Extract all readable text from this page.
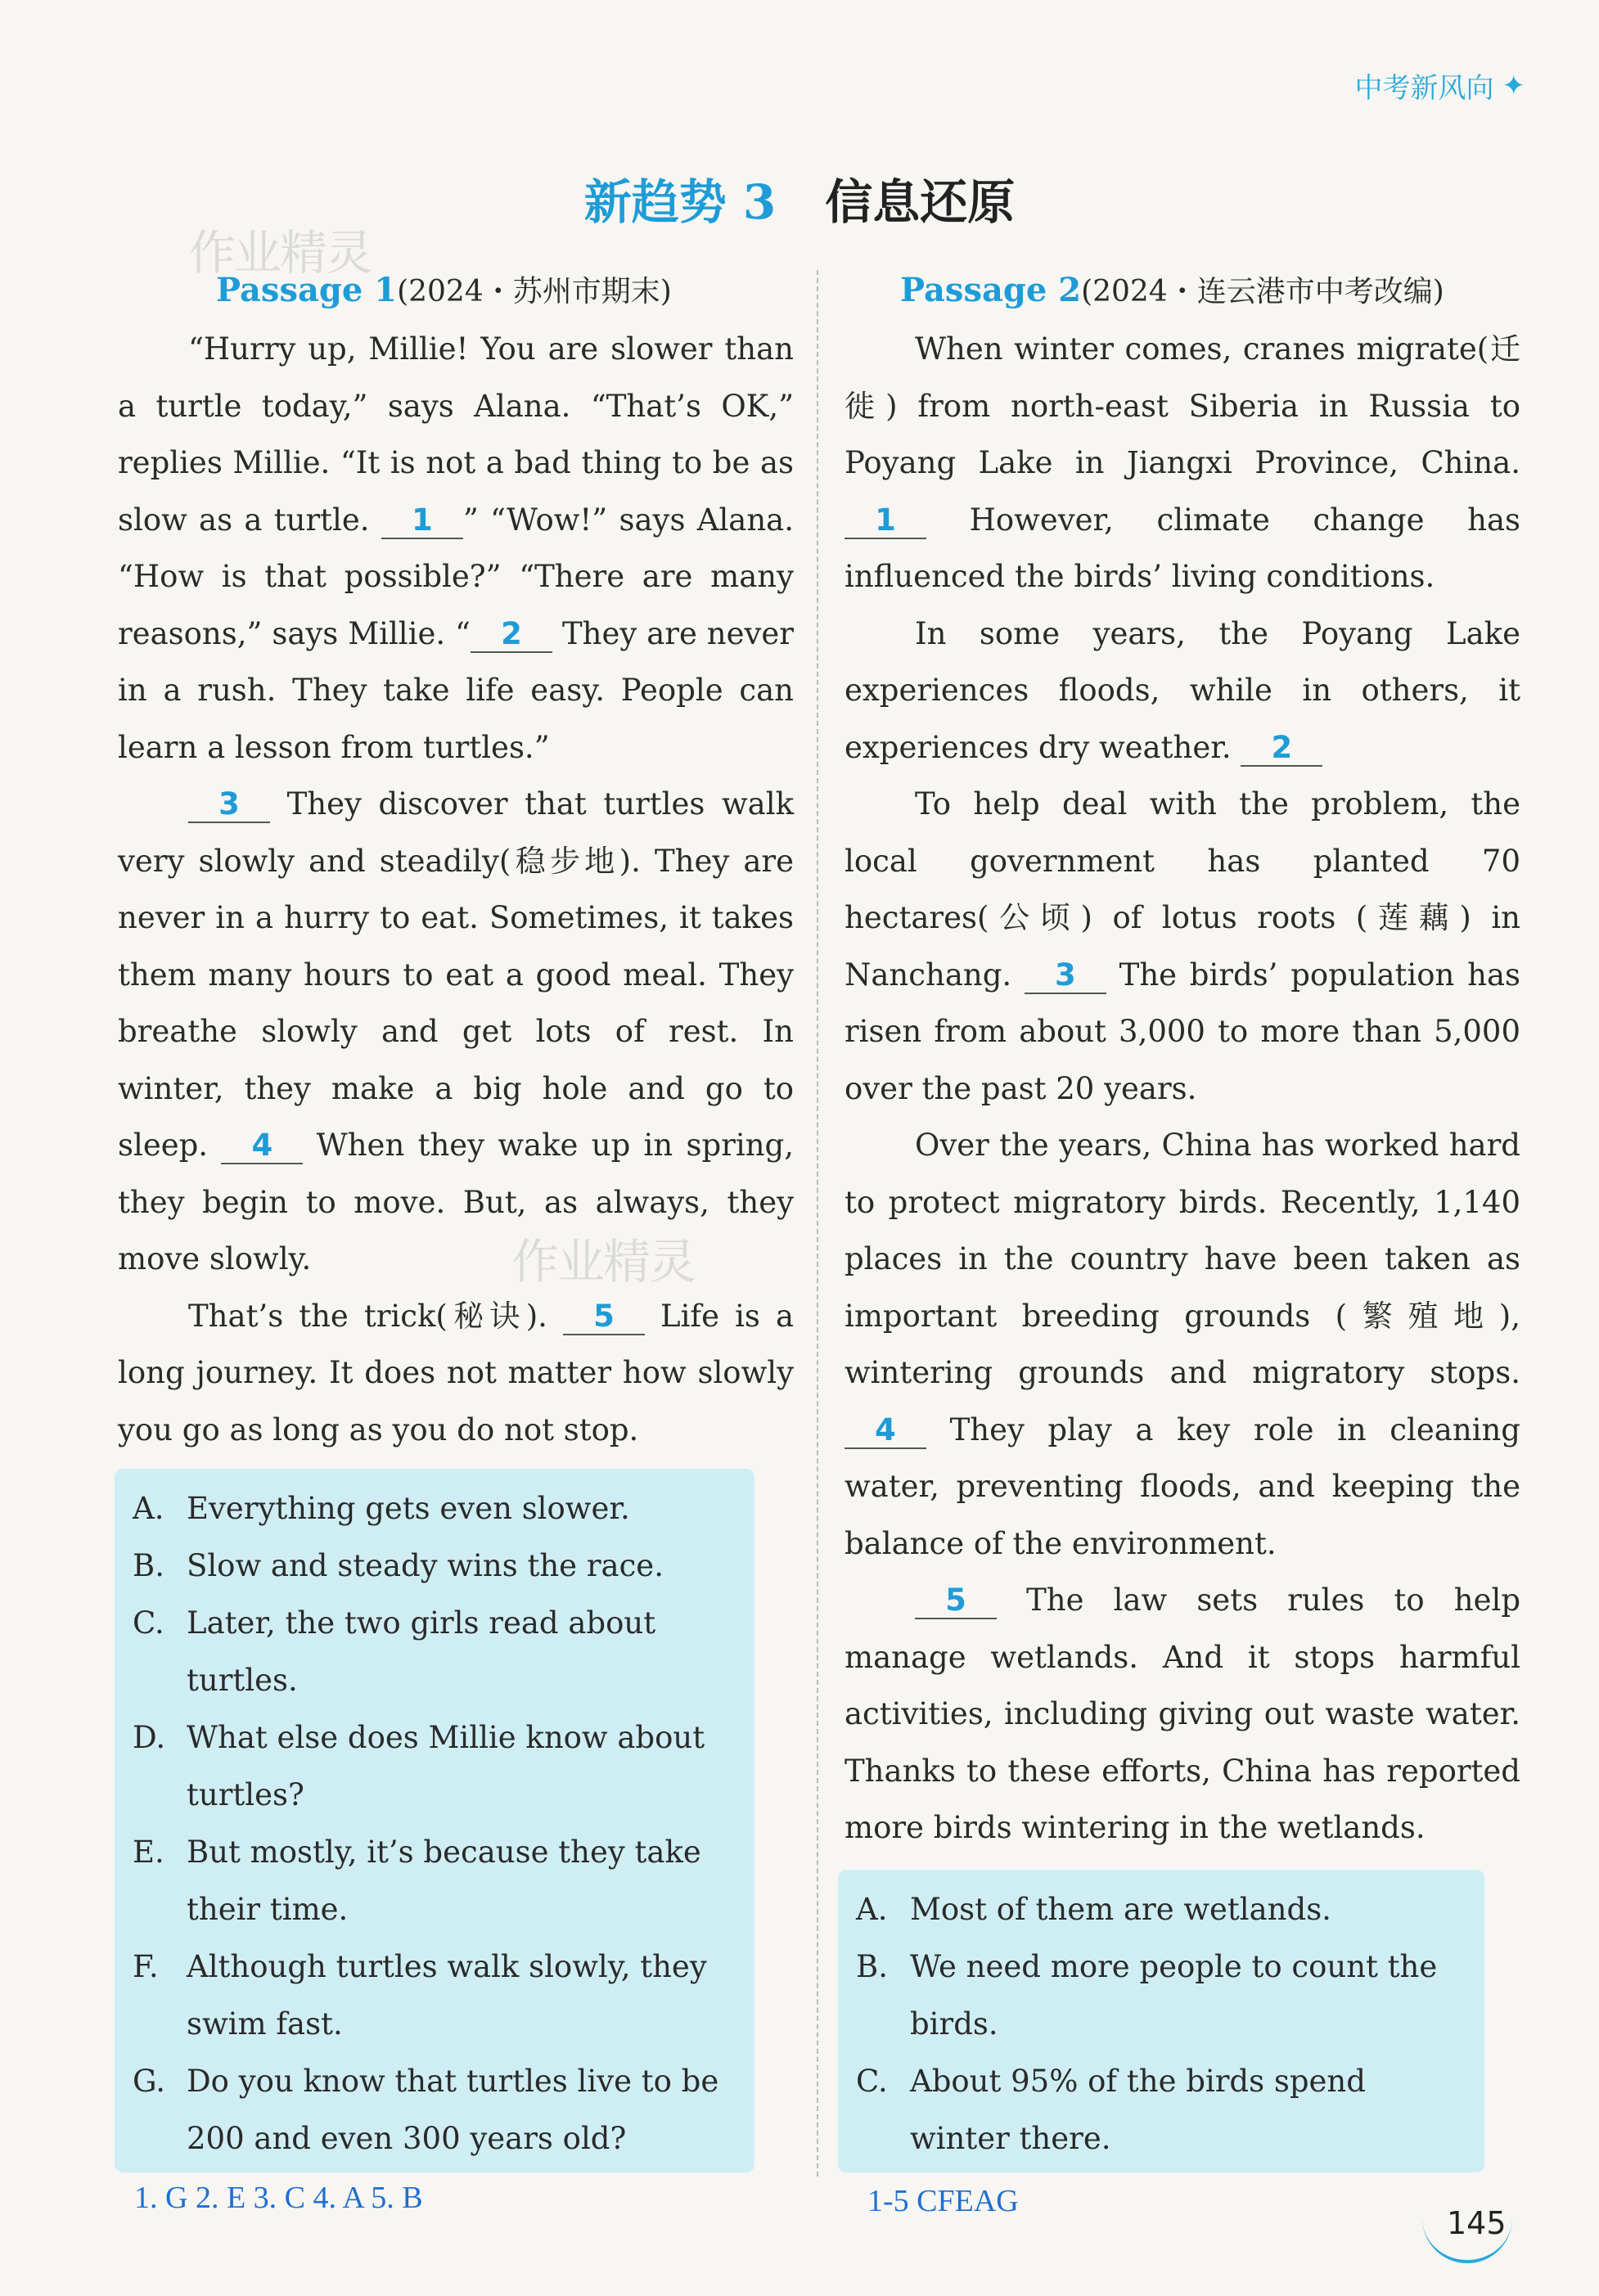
中考新风向 ✦
新趋势 3 信息还原
作业精灵
作业精灵
Passage 1(2024・苏州市期末)

“Hurry up, Millie! You are slower than a turtle today,” says Alana. “That’s OK,” replies Millie. “It is not a bad thing to be as slow as a turtle. 1 ” “Wow!” says Alana. “How is that possible?” “There are many reasons,” says Millie. “ 2 They are never in a rush. They take life easy. People can learn a lesson from turtles.”

3 They discover that turtles walk very slowly and steadily(稳步地). They are never in a hurry to eat. Sometimes, it takes them many hours to eat a good meal. They breathe slowly and get lots of rest. In winter, they make a big hole and go to sleep. 4 When they wake up in spring, they begin to move. But, as always, they move slowly.

That’s the trick(秘诀). 5 Life is a long journey. It does not matter how slowly you go as long as you do not stop.

A. Everything gets even slower.
B. Slow and steady wins the race.
C. Later, the two girls read about turtles.
D. What else does Millie know about turtles?
E. But mostly, it’s because they take their time.
F. Although turtles walk slowly, they swim fast.
G. Do you know that turtles live to be 200 and even 300 years old?
1. G 2. E 3. C 4. A 5. B
Passage 2(2024・连云港市中考改编)

When winter comes, cranes migrate(迁徙) from north-east Siberia in Russia to Poyang Lake in Jiangxi Province, China. 1 However, climate change has influenced the birds’ living conditions.

In some years, the Poyang Lake experiences floods, while in others, it experiences dry weather. 2

To help deal with the problem, the local government has planted 70 hectares(公顷) of lotus roots (莲藕) in Nanchang. 3 The birds’ population has risen from about 3,000 to more than 5,000 over the past 20 years.

Over the years, China has worked hard to protect migratory birds. Recently, 1,140 places in the country have been taken as important breeding grounds (繁殖地), wintering grounds and migratory stops. 4 They play a key role in cleaning water, preventing floods, and keeping the balance of the environment.

5 The law sets rules to help manage wetlands. And it stops harmful activities, including giving out waste water. Thanks to these efforts, China has reported more birds wintering in the wetlands.

A. Most of them are wetlands.
B. We need more people to count the birds.
C. About 95% of the birds spend winter there.
1-5 CFEAG
145
